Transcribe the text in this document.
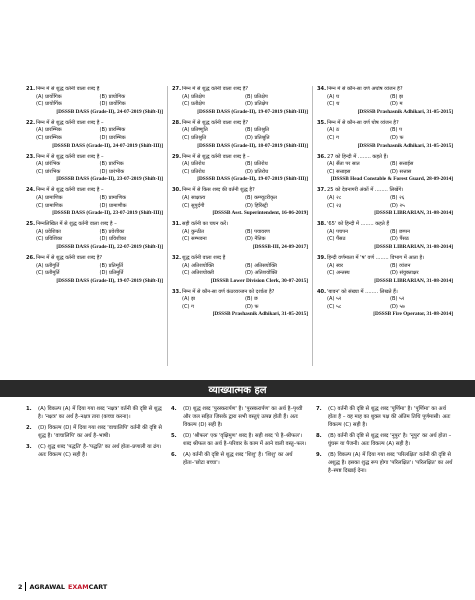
21. निम्न में से शुद्ध वर्तनी वाला शब्द है
(A) प्रार्योगिक	(B) प्रायोगिक
(C) प्रायोर्गिक	(D) प्रार्योगिक
[DSSSB DASS (Grade-II), 24-07-2019 (Shift-I)]
22. निम्न में से शुद्ध वर्तनी वाला शब्द है –
(A) प्रारम्भिक	(B) प्रारम्भिक
(C) प्रारम्भिक	(D) प्रारम्भिक
[DSSSB DASS (Grade-II), 24-07-2019 (Shift-III)]
23. निम्न में से शुद्ध वर्तनी वाला शब्द है –
(A) प्रांरंभिक	(B) प्रारंभिक
(C) प्रांरभिक	(D) प्रारंभीक
[DSSSB DASS (Grade-II), 23-07-2019 (Shift-I)]
24. निम्न में से शुद्ध वर्तनी वाला शब्द है –
(A) प्रामाणिक	(B) प्रामाणिक
(C) प्रामाणिक	(D) प्रामाणीक
[DSSSB DASS (Grade-II), 23-07-2019 (Shift-III)]
25. निम्नलिखित में से शुद्ध वर्तनी वाला शब्द है –
(A) प्रवेशिका	(B) प्रवेशीका
(C) प्रविशिका	(D) प्रविशीका
[DSSSB DASS (Grade-II), 22-07-2019 (Shift-I)]
26. निम्न में से शुद्ध वर्तनी वाला शब्द है?
(A) प्रतीगुर्ति	(B) प्रतिमूर्ति
(C) प्रतीमुर्ति	(D) प्रतिमुर्ति
[DSSSB DASS (Grade-II), 19-07-2019 (Shift-I)]
27. निम्न में से शुद्ध वर्तनी वाला शब्द है?
(A) प्रतिक्षेप	(B) प्रतिक्षेप
(C) प्रतीक्षेप	(D) प्रतिक्षेप
[DSSSB DASS (Grade-II), 19-07-2019 (Shift-III)]
28. निम्न में से शुद्ध वर्तनी वाला शब्द है?
(A) प्रतिष्णुति	(B) प्रतिश्रुति
(C) प्रतिश्रुति	(D) प्रतिश्रुति
[DSSSB DASS (Grade-II), 18-07-2019 (Shift-III)]
29. निम्न में से शुद्ध वर्तनी वाला शब्द है –
(A) प्रतिरोध	(B) प्रतिरोध
(C) प्रतिरोध	(D) प्रतिरोध
[DSSSB DASS (Grade-II), 19-07-2019 (Shift-III)]
30. निम्न में से किस शब्द की वर्तनी शुद्ध है?
(A) साक्षात्य	(B) कम्प्यूटरीकृत
(C) सुपुर्दगी	(D) हिरिंस्ट्री
[DSSSB Asst. Superintendent, 16-06-2019]
31. सही वर्तनी का चयन करें।
(A) कुन्ठीत	(B) पयावरण
(C) सम्भवना	(D) नैतिक
[DSSSB-III, 24-09-2017]
32. शुद्ध वर्तनी वाला शब्द है
(A) अतिशयोक्ति	(B) अतिसयोक्ति
(C) अतिशयोक्ती	(D) अतिशयोक्ति
[DSSSB Lower Division Clerk, 30-07-2015]
33. निम्न में से कौन-सा वर्ण कंठव्यञ्जन को दर्शाता है?
(A) झ	(B) छ
(C) ग	(D) फ
[DSSSB Prashasnik Adhikari, 31-05-2015]
34. निम्न में से कौन-सा वर्ण अघोष व्यंजन है?
(A) घ	(B) झ
(C) थ	(D) म
[DSSSB Prashasnik Adhikari, 31-05-2015]
35. निम्न में से कौन-सा वर्ण घोष व्यंजन है?
(A) ठ	(B) प
(C) ग	(D) फ
[DSSSB Prashasnik Adhikari, 31-05-2015]
36. 27 को हिन्दी में ........ कहते हैं।
(A) सैंता पर सात	(B) सत्ताईस
(C) सत्ताइस	(D) सत्तास
[DSSSB Head Constable & Forest Guard, 28-09-2014]
37. 25 को देवनागरी अंकों में ........ लिखेंगे।
(A) २८	(B) २६
(C) २३	(D) २५
[DSSSB LIBRARIAN, 31-08-2014]
38. '65' को हिन्दी में ........ कहते हैं
(A) पचपन	(B) छप्पन
(C) पैंसठ	(D) पैंसठ
[DSSSB LIBRARIAN, 31-08-2014]
39. हिन्दी वर्णमाला में 'ष' वर्ण ........ विभाग में आता है।
(A) स्वर	(B) व्यंजन
(C) अन्तस्थ	(D) संयुक्ताक्षर
[DSSSB LIBRARIAN, 31-08-2014]
40. 'बावन' को संख्या में ........ लिखते हैं।
(A) ५२	(B) ५२
(C) ५८	(D) ५७
[DSSSB Fire Operator, 31-08-2014]
व्याख्यात्मक हल
1.	(A) विकल्प (A) में दिया गया शब्द 'नक्षत्र' वर्तनी की दृष्टि से शुद्ध है। 'नक्षत्र' का अर्थ है–नक्षत्र तारा (कच्चा करना)।
2.	(D) विकल्प (D) में दिया गया शब्द 'वाचालिपि' वर्तनी की दृष्टि से शुद्ध है। 'वाचालिपि' का अर्थ है–भाषी।
3.	(C) शुद्ध शब्द 'पद्धति' है–'पद्धति' का अर्थ होता–प्रणाली या ढंग। अतः विकल्प (C) सही है।
4.	(D) शुद्ध शब्द 'पुरस्करार्पण' है। 'पुरस्करार्पण' का अर्थ है–पृथ्वी और जल सहित जिसके द्वारा सभी वस्तुएं उत्पन्न होती हैं। अतः विकल्प (D) सही है।
5.	(D) 'श्रीफल' एक 'वृक्षिमुण' शब्द है। सही शब्द 'ये है–श्रीफल'। शब्द श्रीफल का अर्थ है–परिवार के काम में आने वाली वस्तु–फल।
6.	(A) वर्तनी की दृष्टि से शुद्ध शब्द 'शिशु' है। 'शिशु' का अर्थ होता–'छोटा बच्चा'।
7.	(C) वर्तनी की दृष्टि से शुद्ध शब्द 'पूर्णिमा' है। 'पूर्णिमा' का अर्थ होता है – वह माह का शुक्ल पक्ष की अंतिम तिथि पूर्णमासी। अतः विकल्प (C) सही है।
8.	(B) वर्तनी की दृष्टि से शुद्ध शब्द 'नूपुर' है। 'नूपुर' का अर्थ होता – घुंघरू या पैजनी। अतः विकल्प (A) सही है।
9.	(B) विकल्प (A) में दिया गया शब्द 'परिलक्षित' वर्तनी की दृष्टि से अशुद्ध है। इसका शुद्ध रूप होगा 'परिलक्षित'। 'परिलक्षित' का अर्थ है–स्पष्ट दिखाई देना।
2 AGRAWAL EXAM CART
